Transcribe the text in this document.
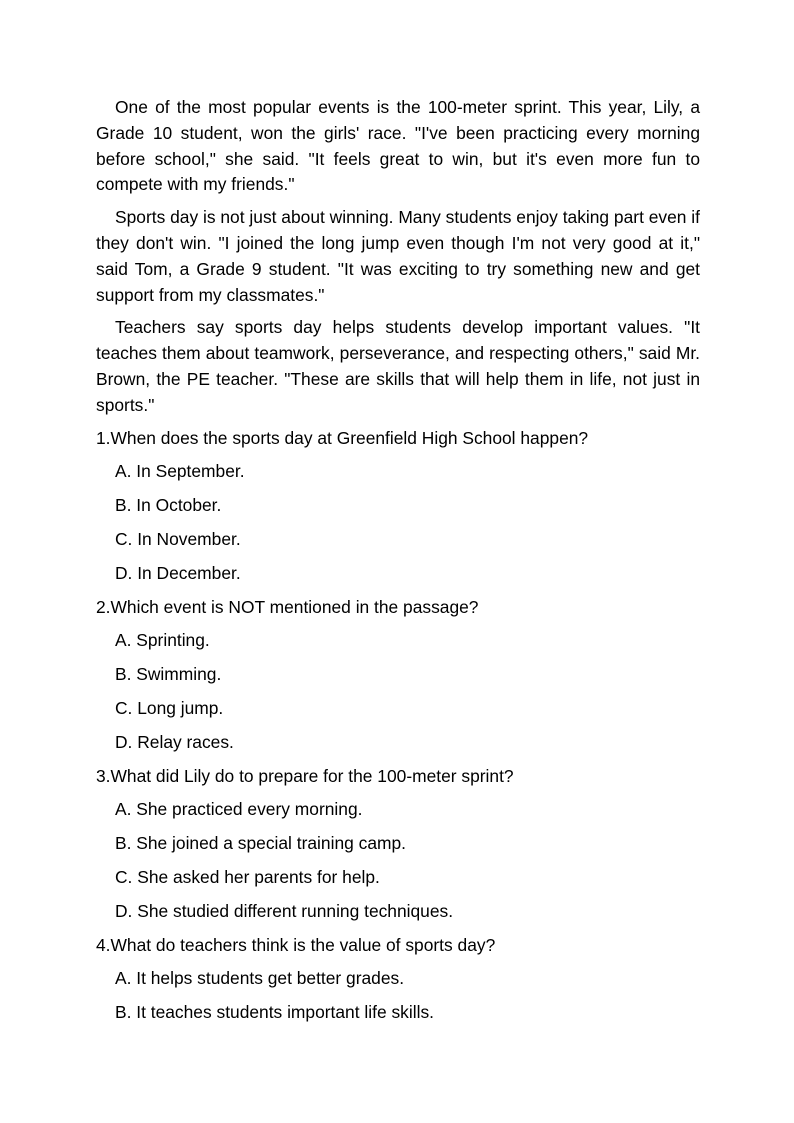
One of the most popular events is the 100-meter sprint. This year, Lily, a Grade 10 student, won the girls' race. "I've been practicing every morning before school," she said. "It feels great to win, but it's even more fun to compete with my friends."

Sports day is not just about winning. Many students enjoy taking part even if they don't win. "I joined the long jump even though I'm not very good at it," said Tom, a Grade 9 student. "It was exciting to try something new and get support from my classmates."

Teachers say sports day helps students develop important values. "It teaches them about teamwork, perseverance, and respecting others," said Mr. Brown, the PE teacher. "These are skills that will help them in life, not just in sports."

1.When does the sports day at Greenfield High School happen?

A. In September.
B. In October.
C. In November.
D. In December.

2.Which event is NOT mentioned in the passage?

A. Sprinting.
B. Swimming.
C. Long jump.
D. Relay races.

3.What did Lily do to prepare for the 100-meter sprint?

A. She practiced every morning.
B. She joined a special training camp.
C. She asked her parents for help.
D. She studied different running techniques.

4.What do teachers think is the value of sports day?

A. It helps students get better grades.
B. It teaches students important life skills.
